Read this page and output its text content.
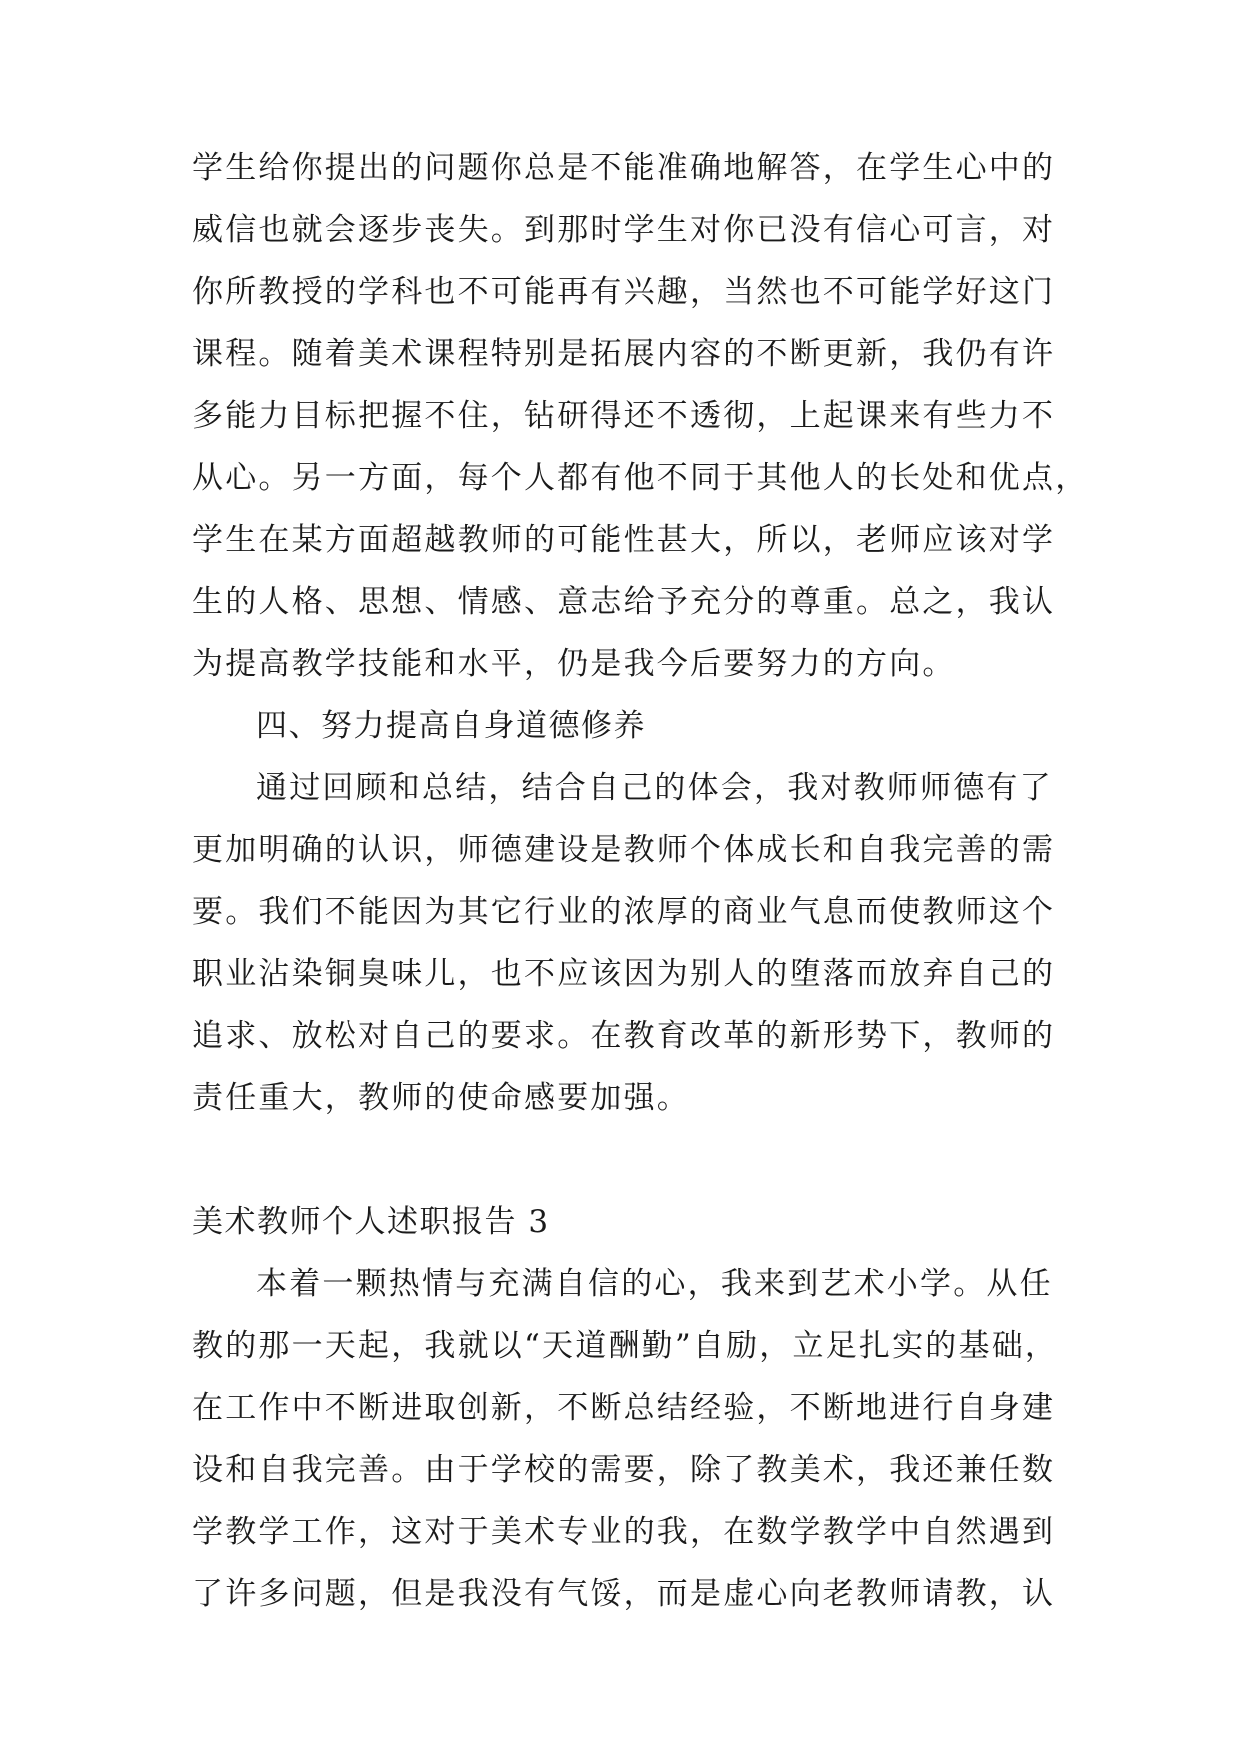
学生给你提出的问题你总是不能准确地解答，在学生心中的
威信也就会逐步丧失。到那时学生对你已没有信心可言，对
你所教授的学科也不可能再有兴趣，当然也不可能学好这门
课程。随着美术课程特别是拓展内容的不断更新，我仍有许
多能力目标把握不住，钻研得还不透彻，上起课来有些力不
从心。另一方面，每个人都有他不同于其他人的长处和优点，
学生在某方面超越教师的可能性甚大，所以，老师应该对学
生的人格、思想、情感、意志给予充分的尊重。总之，我认
为提高教学技能和水平，仍是我今后要努力的方向。
四、努力提高自身道德修养
通过回顾和总结，结合自己的体会，我对教师师德有了
更加明确的认识，师德建设是教师个体成长和自我完善的需
要。我们不能因为其它行业的浓厚的商业气息而使教师这个
职业沾染铜臭味儿，也不应该因为别人的堕落而放弃自己的
追求、放松对自己的要求。在教育改革的新形势下，教师的
责任重大，教师的使命感要加强。
美术教师个人述职报告 3
本着一颗热情与充满自信的心，我来到艺术小学。从任
教的那一天起，我就以“天道酬勤”自励，立足扎实的基础，
在工作中不断进取创新，不断总结经验，不断地进行自身建
设和自我完善。由于学校的需要，除了教美术，我还兼任数
学教学工作，这对于美术专业的我，在数学教学中自然遇到
了许多问题，但是我没有气馁，而是虚心向老教师请教，认
